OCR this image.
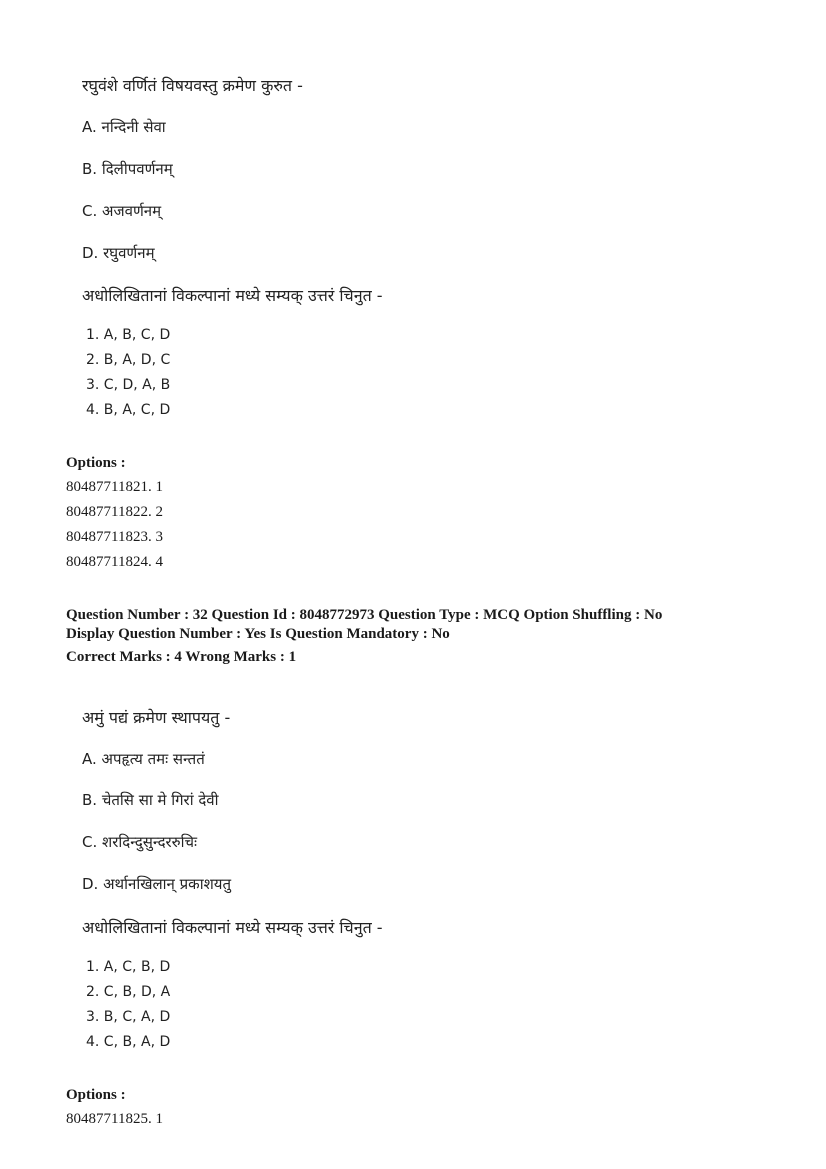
रघुवंशे वर्णितं विषयवस्तु क्रमेण कुरुत -
A. नन्दिनी सेवा
B. दिलीपवर्णनम्
C. अजवर्णनम्
D. रघुवर्णनम्
अधोलिखितानां विकल्पानां मध्ये सम्यक् उत्तरं चिनुत -
1. A, B, C, D
2. B, A, D, C
3. C, D, A, B
4. B, A, C, D
Options :
80487711821. 1
80487711822. 2
80487711823. 3
80487711824. 4
Question Number : 32 Question Id : 8048772973 Question Type : MCQ Option Shuffling : No
Display Question Number : Yes Is Question Mandatory : No
Correct Marks : 4 Wrong Marks : 1
अमुं पद्यं क्रमेण स्थापयतु -
A. अपहृत्य तमः सन्ततं
B. चेतसि सा मे गिरां देवी
C. शरदिन्दुसुन्दररुचिः
D. अर्थानखिलान् प्रकाशयतु
अधोलिखितानां विकल्पानां मध्ये सम्यक् उत्तरं चिनुत -
1. A, C, B, D
2. C, B, D, A
3. B, C, A, D
4. C, B, A, D
Options :
80487711825. 1
